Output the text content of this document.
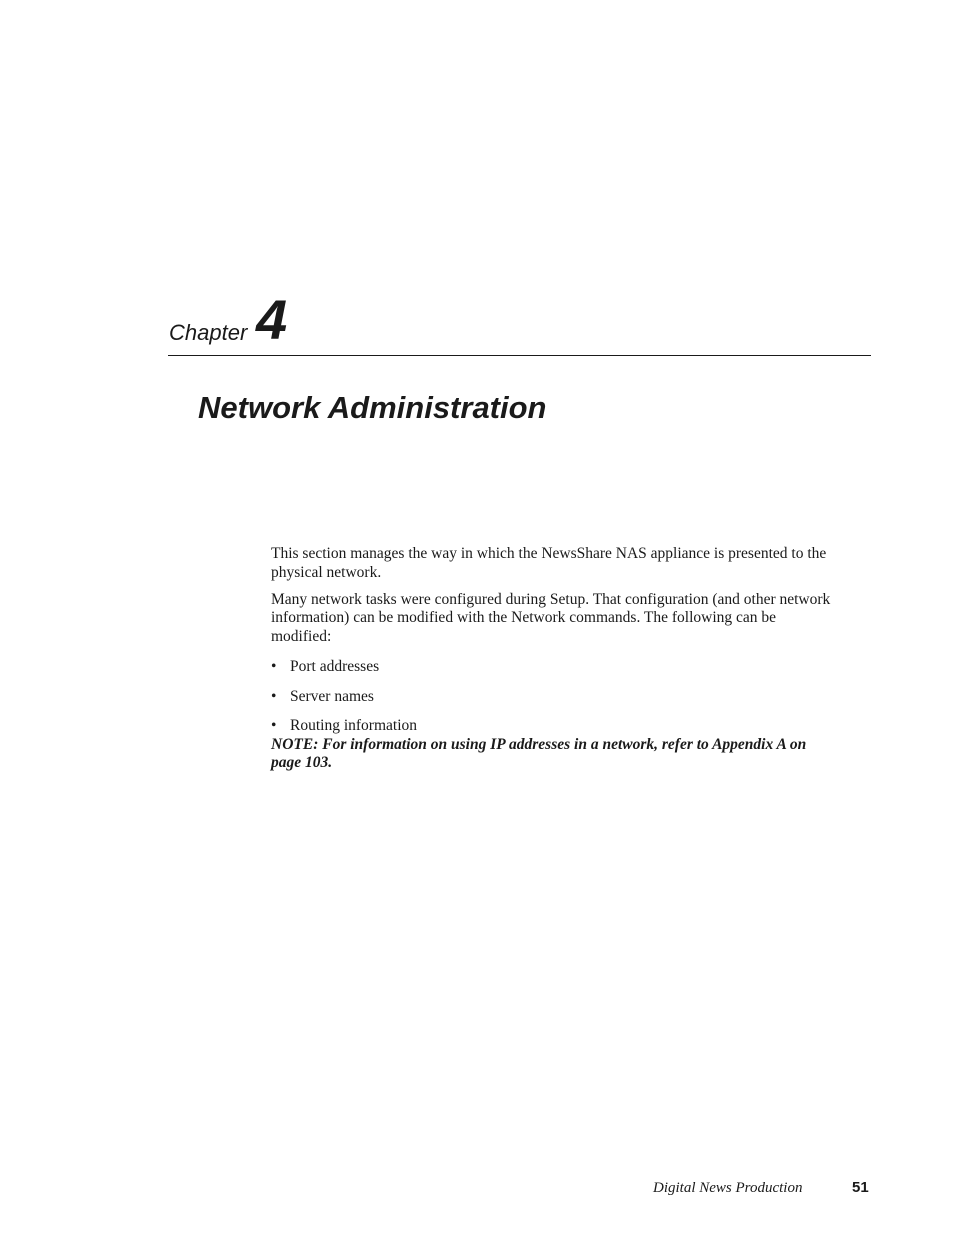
Chapter 4
Network Administration

This section manages the way in which the NewsShare NAS appliance is presented to the physical network.

Many network tasks were configured during Setup. That configuration (and other network information) can be modified with the Network commands. The following can be modified:

• Port addresses
• Server names
• Routing information

NOTE: For information on using IP addresses in a network, refer to Appendix A on page 103.

Digital News Production	51
